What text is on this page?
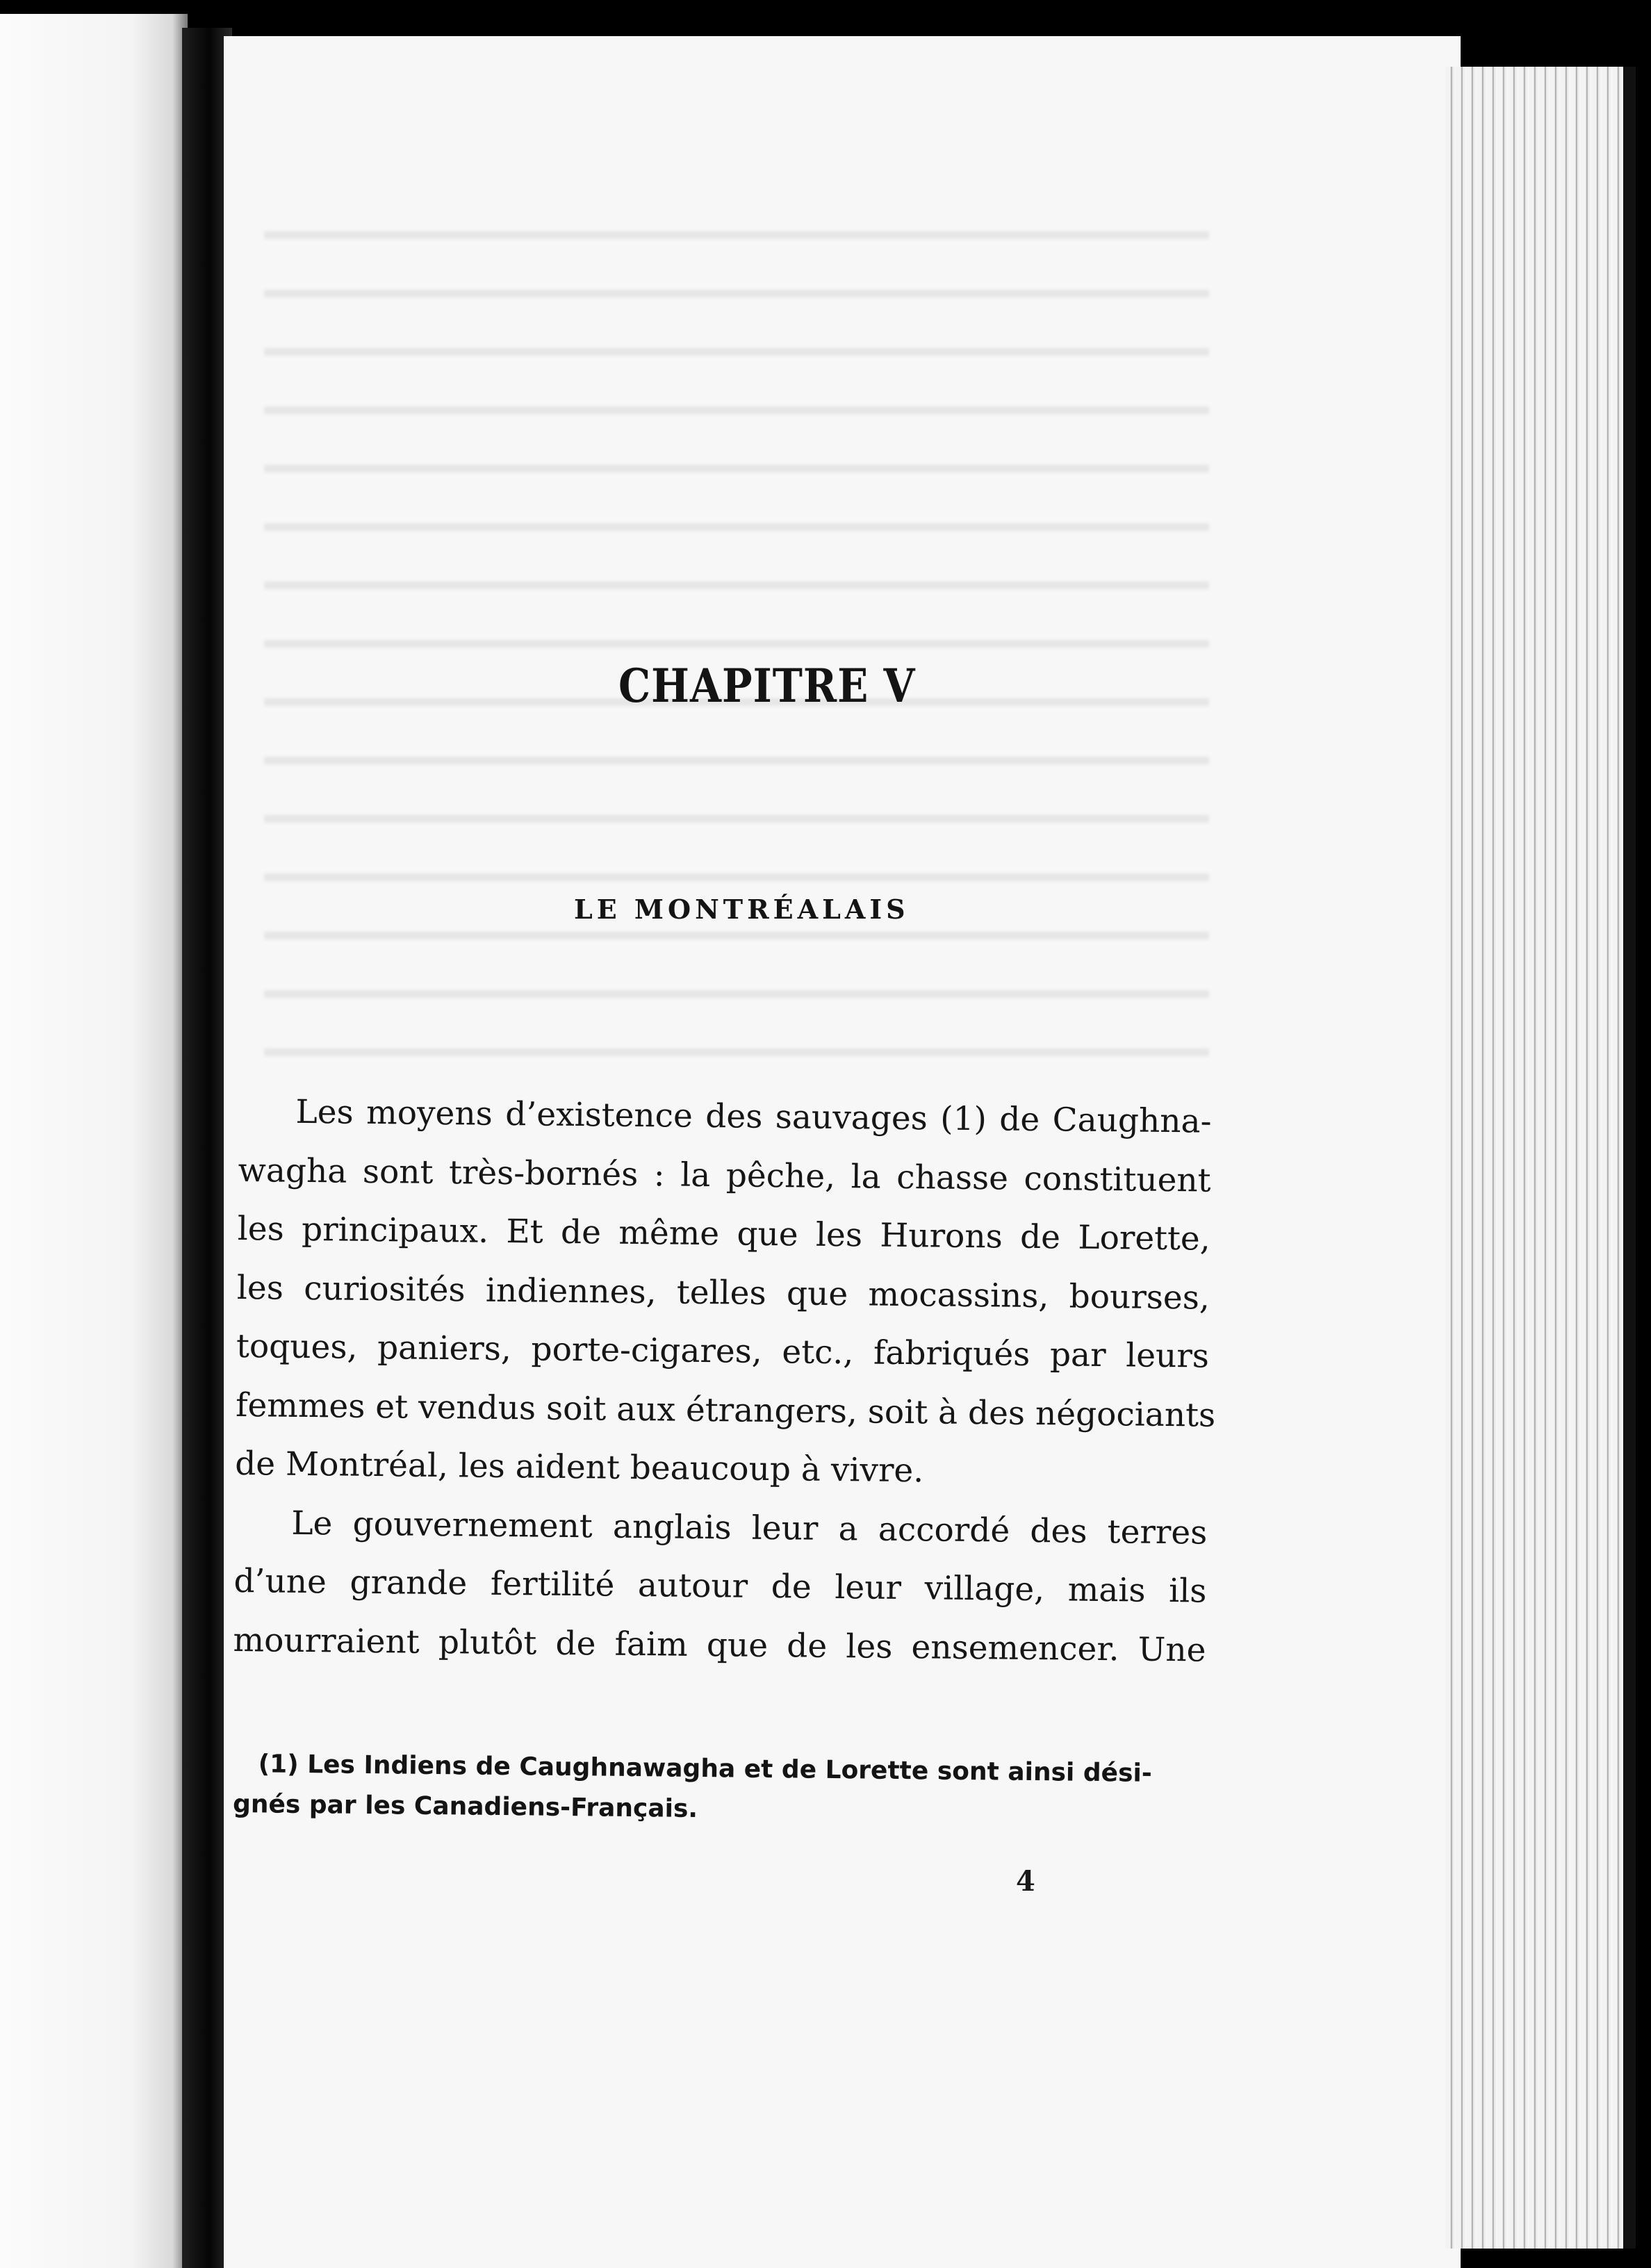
CHAPITRE V
LE MONTRÉALAIS
Les moyens d’existence des sauvages (1) de Caughna-
wagha sont très-bornés : la pêche, la chasse constituent
les principaux. Et de même que les Hurons de Lorette,
les curiosités indiennes, telles que mocassins, bourses,
toques, paniers, porte-cigares, etc., fabriqués par leurs
femmes et vendus soit aux étrangers, soit à des négociants
de Montréal, les aident beaucoup à vivre.
Le gouvernement anglais leur a accordé des terres
d’une grande fertilité autour de leur village, mais ils
mourraient plutôt de faim que de les ensemencer. Une
(1) Les Indiens de Caughnawagha et de Lorette sont ainsi dési-
gnés par les Canadiens-Français.
4
